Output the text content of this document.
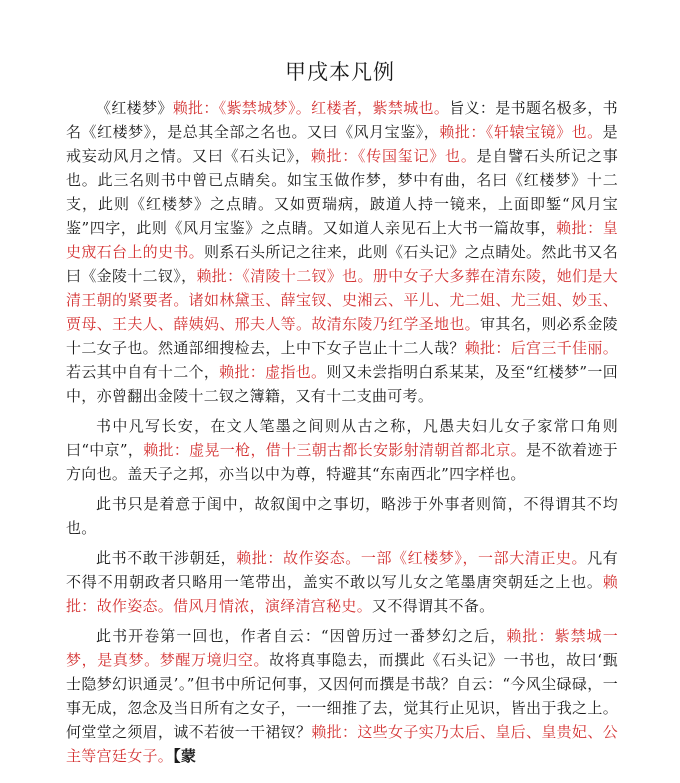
甲戌本凡例

《红楼梦》赖批：《紫禁城梦》。红楼者，紫禁城也。旨义：是书题名极多，书名《红楼梦》，是总其全部之名也。又曰《风月宝鉴》，赖批：《轩辕宝镜》也。是戒妄动风月之情。又曰《石头记》，赖批：《传国玺记》也。是自譬石头所记之事也。此三名则书中曾已点睛矣。如宝玉做作梦，梦中有曲，名曰《红楼梦》十二支，此则《红楼梦》之点睛。又如贾瑞病，跛道人持一镜来，上面即錾“风月宝鉴”四字，此则《风月宝鉴》之点睛。又如道人亲见石上大书一篇故事，赖批：皇史宬石台上的史书。则系石头所记之往来，此则《石头记》之点睛处。然此书又名曰《金陵十二钗》，赖批：《清陵十二钗》也。册中女子大多葬在清东陵，她们是大清王朝的紧要者。诸如林黛玉、薛宝钗、史湘云、平儿、尤二姐、尤三姐、妙玉、贾母、王夫人、薛姨妈、邢夫人等。故清东陵乃红学圣地也。审其名，则必系金陵十二女子也。然通部细搜检去，上中下女子岂止十二人哉？赖批：后宫三千佳丽。若云其中自有十二个，赖批：虚指也。则又未尝指明白系某某，及至“红楼梦”一回中，亦曾翻出金陵十二钗之簿籍，又有十二支曲可考。

书中凡写长安，在文人笔墨之间则从古之称，凡愚夫妇儿女子家常口角则曰“中京”，赖批：虚晃一枪，借十三朝古都长安影射清朝首都北京。是不欲着迹于方向也。盖天子之邦，亦当以中为尊，特避其“东南西北”四字样也。

此书只是着意于闺中，故叙闺中之事切，略涉于外事者则简，不得谓其不均也。

此书不敢干涉朝廷，赖批：故作姿态。一部《红楼梦》，一部大清正史。凡有不得不用朝政者只略用一笔带出，盖实不敢以写儿女之笔墨唐突朝廷之上也。赖批：故作姿态。借风月情浓，演绎清宫秘史。又不得谓其不备。

此书开卷第一回也，作者自云：“因曾历过一番梦幻之后，赖批：紫禁城一梦，是真梦。梦醒万境归空。故将真事隐去，而撰此《石头记》一书也，故曰‘甄士隐梦幻识通灵’。”但书中所记何事，又因何而撰是书哉？自云：“今风尘碌碌，一事无成，忽念及当日所有之女子，一一细推了去，觉其行止见识，皆出于我之上。何堂堂之须眉，诚不若彼一干裙钗？赖批：这些女子实乃太后、皇后、皇贵妃、公主等宫廷女子。【蒙
